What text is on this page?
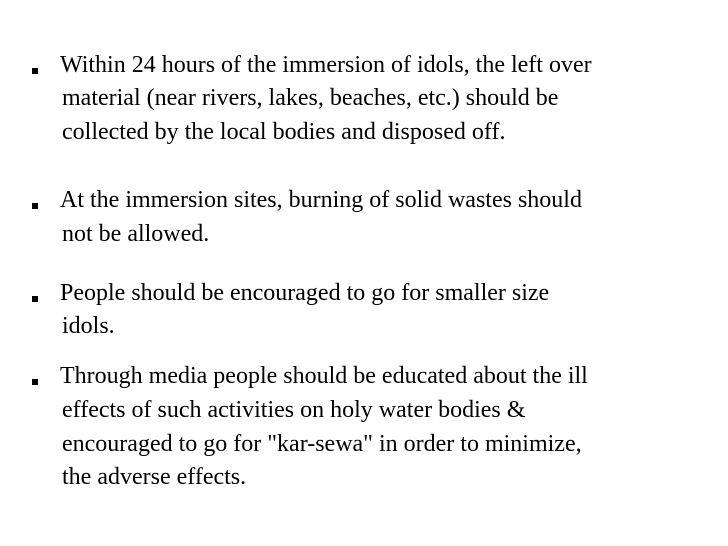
Within 24 hours of the immersion of idols, the left over
material (near rivers, lakes, beaches, etc.) should be
collected by the local bodies and disposed off.
At the immersion sites, burning of solid wastes should
not be allowed.
People should be encouraged to go for smaller size
idols.
Through media people should be educated about the ill
effects of such activities on holy water bodies &
encouraged to go for "kar-sewa" in order to minimize,
the adverse effects.
